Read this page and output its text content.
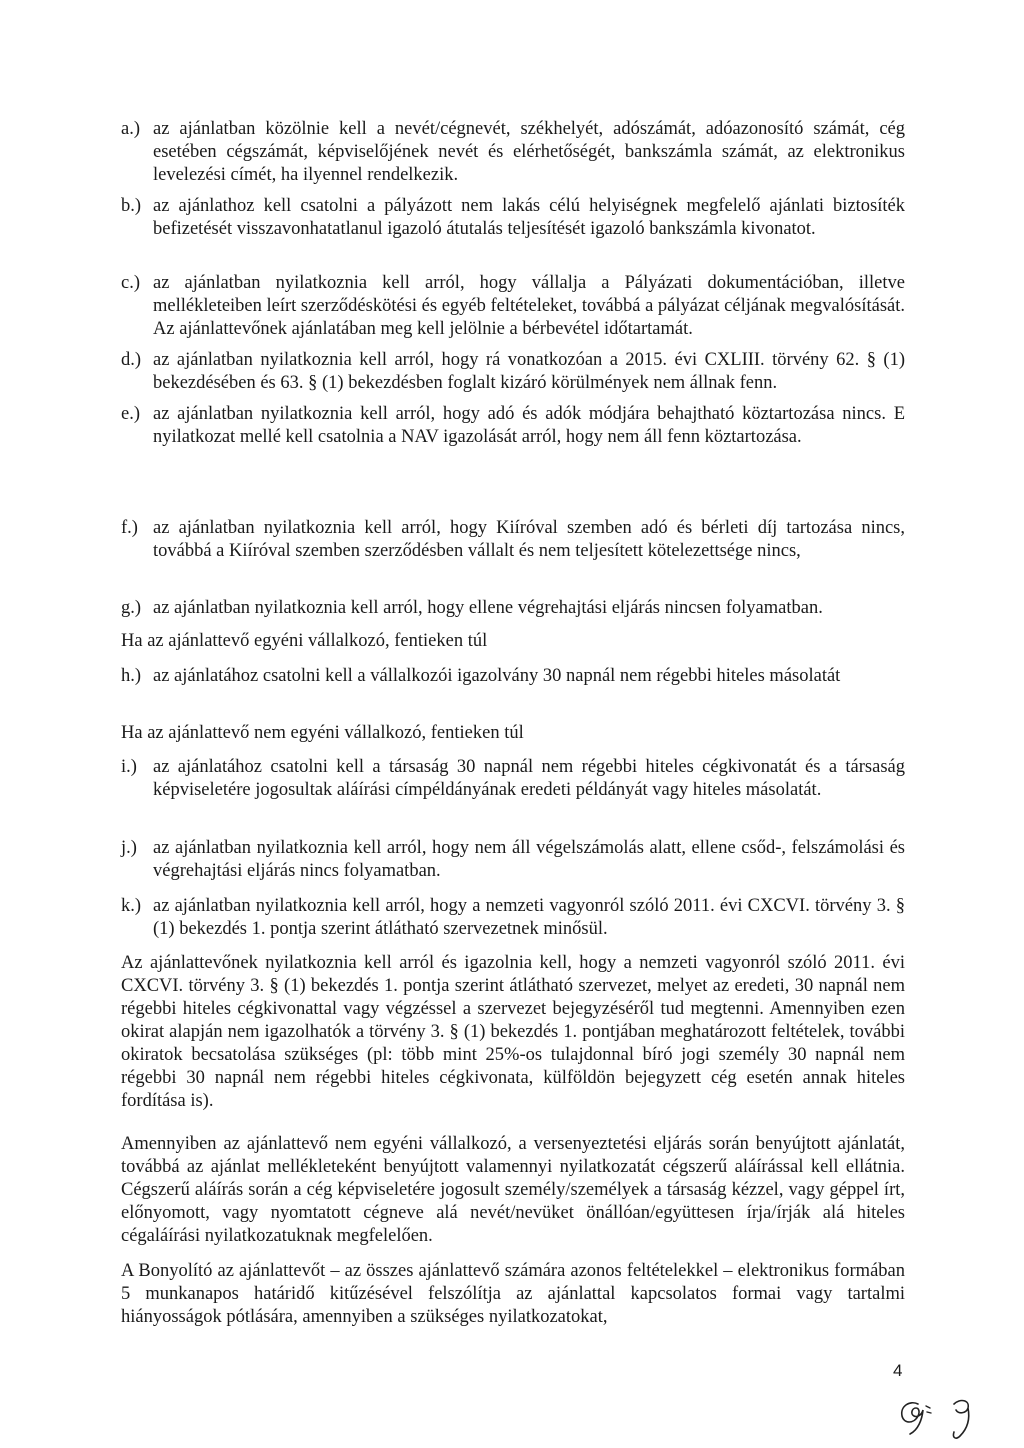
a.) az ajánlatban közölnie kell a nevét/cégnevét, székhelyét, adószámát, adóazonosító számát, cég esetében cégszámát, képviselőjének nevét és elérhetőségét, bankszámla számát, az elektronikus levelezési címét, ha ilyennel rendelkezik.
b.) az ajánlathoz kell csatolni a pályázott nem lakás célú helyiségnek megfelelő ajánlati biztosíték befizetését visszavonhatatlanul igazoló átutalás teljesítését igazoló bankszámla kivonatot.
c.) az ajánlatban nyilatkoznia kell arról, hogy vállalja a Pályázati dokumentációban, illetve mellékleteiben leírt szerződéskötési és egyéb feltételeket, továbbá a pályázat céljának megvalósítását. Az ajánlattevőnek ajánlatában meg kell jelölnie a bérbevétel időtartamát.
d.) az ajánlatban nyilatkoznia kell arról, hogy rá vonatkozóan a 2015. évi CXLIII. törvény 62. § (1) bekezdésében és 63. § (1) bekezdésben foglalt kizáró körülmények nem állnak fenn.
e.) az ajánlatban nyilatkoznia kell arról, hogy adó és adók módjára behajtható köztartozása nincs. E nyilatkozat mellé kell csatolnia a NAV igazolását arról, hogy nem áll fenn köztartozása.
f.) az ajánlatban nyilatkoznia kell arról, hogy Kiíróval szemben adó és bérleti díj tartozása nincs, továbbá a Kiíróval szemben szerződésben vállalt és nem teljesített kötelezettsége nincs,
g.) az ajánlatban nyilatkoznia kell arról, hogy ellene végrehajtási eljárás nincsen folyamatban.
Ha az ajánlattevő egyéni vállalkozó, fentieken túl
h.) az ajánlatához csatolni kell a vállalkozói igazolvány 30 napnál nem régebbi hiteles másolatát
Ha az ajánlattevő nem egyéni vállalkozó, fentieken túl
i.) az ajánlatához csatolni kell a társaság 30 napnál nem régebbi hiteles cégkivonatát és a társaság képviseletére jogosultak aláírási címpéldányának eredeti példányát vagy hiteles másolatát.
j.) az ajánlatban nyilatkoznia kell arról, hogy nem áll végelszámolás alatt, ellene csőd-, felszámolási és végrehajtási eljárás nincs folyamatban.
k.) az ajánlatban nyilatkoznia kell arról, hogy a nemzeti vagyonról szóló 2011. évi CXCVI. törvény 3. § (1) bekezdés 1. pontja szerint átlátható szervezetnek minősül.
Az ajánlattevőnek nyilatkoznia kell arról és igazolnia kell, hogy a nemzeti vagyonról szóló 2011. évi CXCVI. törvény 3. § (1) bekezdés 1. pontja szerint átlátható szervezet, melyet az eredeti, 30 napnál nem régebbi hiteles cégkivonattal vagy végzéssel a szervezet bejegyzéséről tud megtenni. Amennyiben ezen okirat alapján nem igazolhatók a törvény 3. § (1) bekezdés 1. pontjában meghatározott feltételek, további okiratok becsatolása szükséges (pl: több mint 25%-os tulajdonnal bíró jogi személy 30 napnál nem régebbi 30 napnál nem régebbi hiteles cégkivonata, külföldön bejegyzett cég esetén annak hiteles fordítása is).
Amennyiben az ajánlattevő nem egyéni vállalkozó, a versenyeztetési eljárás során benyújtott ajánlatát, továbbá az ajánlat mellékleteként benyújtott valamennyi nyilatkozatát cégszerű aláírással kell ellátnia. Cégszerű aláírás során a cég képviseletére jogosult személy/személyek a társaság kézzel, vagy géppel írt, előnyomott, vagy nyomtatott cégneve alá nevét/nevüket önállóan/együttesen írja/írják alá hiteles cégaláírási nyilatkozatuknak megfelelően.
A Bonyolító az ajánlattevőt – az összes ajánlattevő számára azonos feltételekkel – elektronikus formában 5 munkanapos határidő kitűzésével felszólítja az ajánlattal kapcsolatos formai vagy tartalmi hiányosságok pótlására, amennyiben a szükséges nyilatkozatokat,
4
